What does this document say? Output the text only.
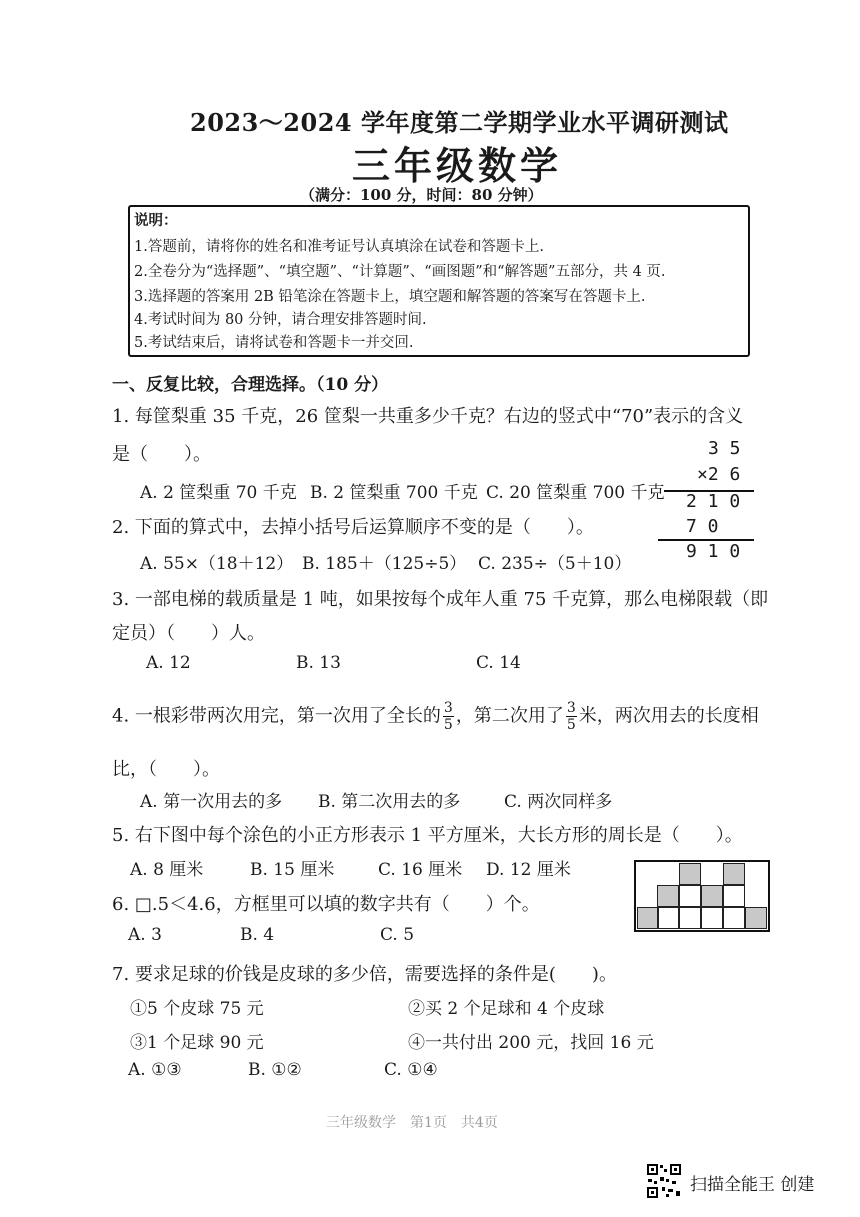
2023～2024 学年度第二学期学业水平调研测试
三年级数学
（满分：100 分，时间：80 分钟）
说明：
1.答题前，请将你的姓名和准考证号认真填涂在试卷和答题卡上.
2.全卷分为“选择题”、“填空题”、“计算题”、“画图题”和“解答题”五部分，共 4 页.
3.选择题的答案用 2B 铅笔涂在答题卡上，填空题和解答题的答案写在答题卡上.
4.考试时间为 80 分钟，请合理安排答题时间.
5.考试结束后，请将试卷和答题卡一并交回.
一、反复比较，合理选择。（10 分）
1. 每筐梨重 35 千克，26 筐梨一共重多少千克？右边的竖式中“70”表示的含义
是（　　）。
A. 2 筐梨重 70 千克 B. 2 筐梨重 700 千克 C. 20 筐梨重 700 千克
3 5
×2 6
2 1 0
7 0
9 1 0
2. 下面的算式中，去掉小括号后运算顺序不变的是（　　）。
A. 55×（18＋12） B. 185＋（125÷5） C. 235÷（5＋10）
3. 一部电梯的载质量是 1 吨，如果按每个成年人重 75 千克算，那么电梯限载（即
定员）（　　）人。
A. 12	B. 13	C. 14
4. 一根彩带两次用完，第一次用了全长的 $\frac{3}{5}$ ，第二次用了 $\frac{3}{5}$ 米，两次用去的长度相
比，（　　）。
A. 第一次用去的多 B. 第二次用去的多	C. 两次同样多
5. 右下图中每个涂色的小正方形表示 1 平方厘米，大长方形的周长是（　　）。
A. 8 厘米	B. 15 厘米	C. 16 厘米 D. 12 厘米
6. □.5＜4.6，方框里可以填的数字共有（　　）个。
A. 3	B. 4	C. 5
7. 要求足球的价钱是皮球的多少倍，需要选择的条件是(　　)。
①5 个皮球 75 元	②买 2 个足球和 4 个皮球
③1 个足球 90 元	④一共付出 200 元，找回 16 元
A. ①③	B. ①②	C. ①④
三年级数学　第1页　共4页
扫描全能王 创建
